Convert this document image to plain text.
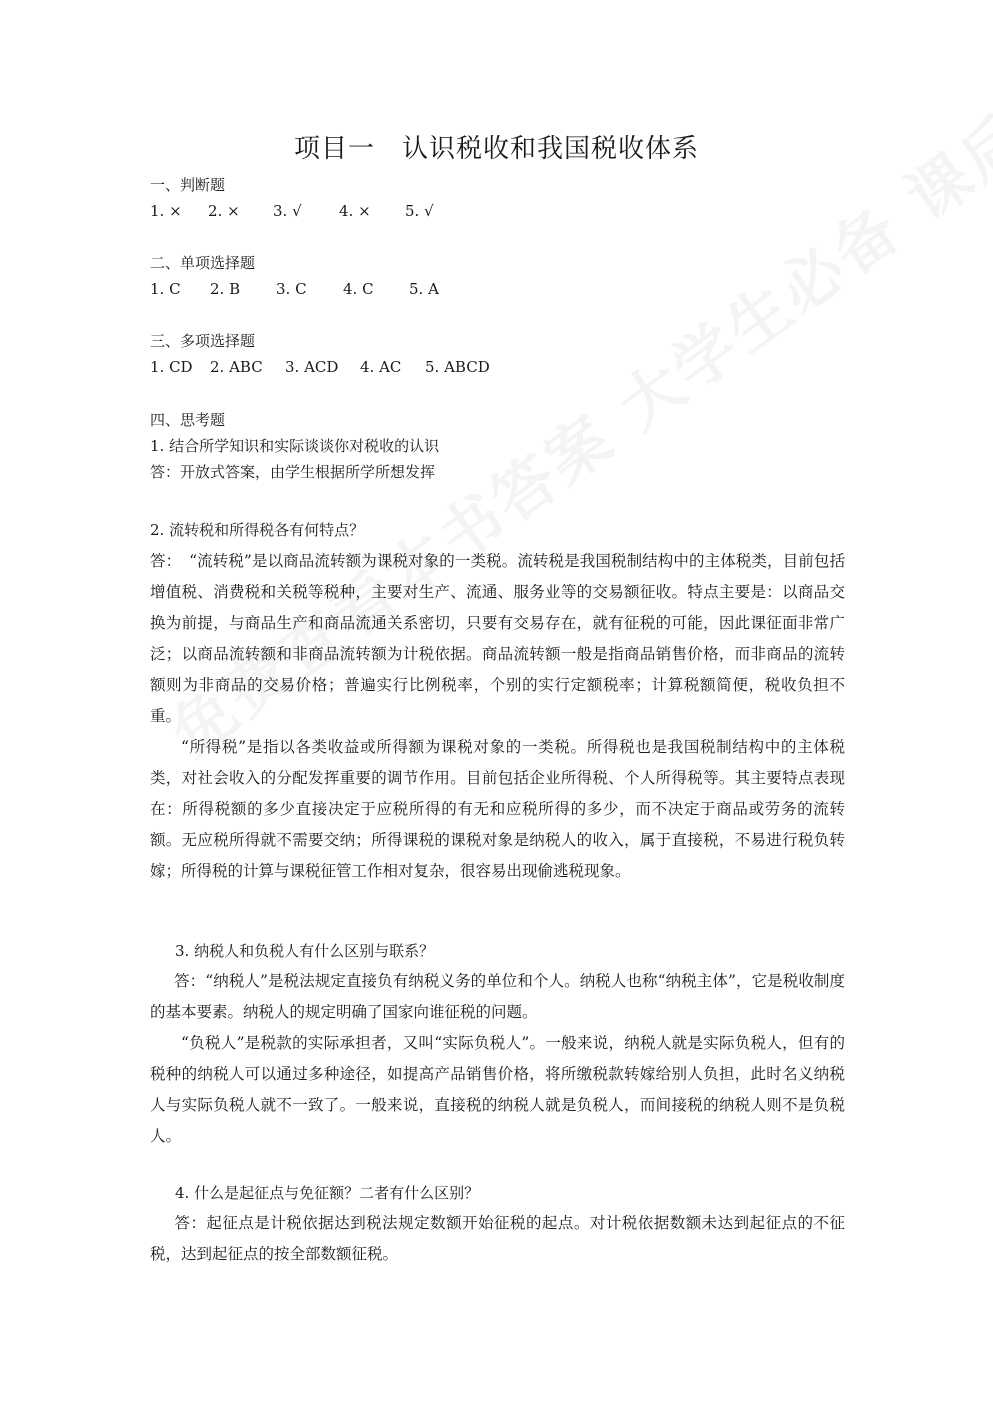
项目一　认识税收和我国税收体系
一、判断题
1. × 2. × 3. √ 4. × 5. √
二、单项选择题
1. C 2. B 3. C 4. C 5. A
三、多项选择题
1. CD 2. ABC 3. ACD 4. AC 5. ABCD
四、思考题
1. 结合所学知识和实际谈谈你对税收的认识
答：开放式答案，由学生根据所学所想发挥
2. 流转税和所得税各有何特点？
答：　“流转税”是以商品流转额为课税对象的一类税。流转税是我国税制结构中的主体税类，目前包括增值税、消费税和关税等税种，主要对生产、流通、服务业等的交易额征收。特点主要是：以商品交换为前提，与商品生产和商品流通关系密切，只要有交易存在，就有征税的可能，因此课征面非常广泛；以商品流转额和非商品流转额为计税依据。商品流转额一般是指商品销售价格，而非商品的流转额则为非商品的交易价格；普遍实行比例税率，个别的实行定额税率；计算税额简便，税收负担不重。
“所得税”是指以各类收益或所得额为课税对象的一类税。所得税也是我国税制结构中的主体税类，对社会收入的分配发挥重要的调节作用。目前包括企业所得税、个人所得税等。其主要特点表现在：所得税额的多少直接决定于应税所得的有无和应税所得的多少，而不决定于商品或劳务的流转额。无应税所得就不需要交纳；所得课税的课税对象是纳税人的收入，属于直接税，不易进行税负转嫁；所得税的计算与课税征管工作相对复杂，很容易出现偷逃税现象。
3. 纳税人和负税人有什么区别与联系？
答：“纳税人”是税法规定直接负有纳税义务的单位和个人。纳税人也称“纳税主体”，它是税收制度的基本要素。纳税人的规定明确了国家向谁征税的问题。
“负税人”是税款的实际承担者，又叫“实际负税人”。一般来说，纳税人就是实际负税人，但有的税种的纳税人可以通过多种途径，如提高产品销售价格，将所缴税款转嫁给别人负担，此时名义纳税人与实际负税人就不一致了。一般来说，直接税的纳税人就是负税人，而间接税的纳税人则不是负税人。
4. 什么是起征点与免征额？二者有什么区别？
答：起征点是计税依据达到税法规定数额开始征税的起点。对计税依据数额未达到起征点的不征税，达到起征点的按全部数额征税。
